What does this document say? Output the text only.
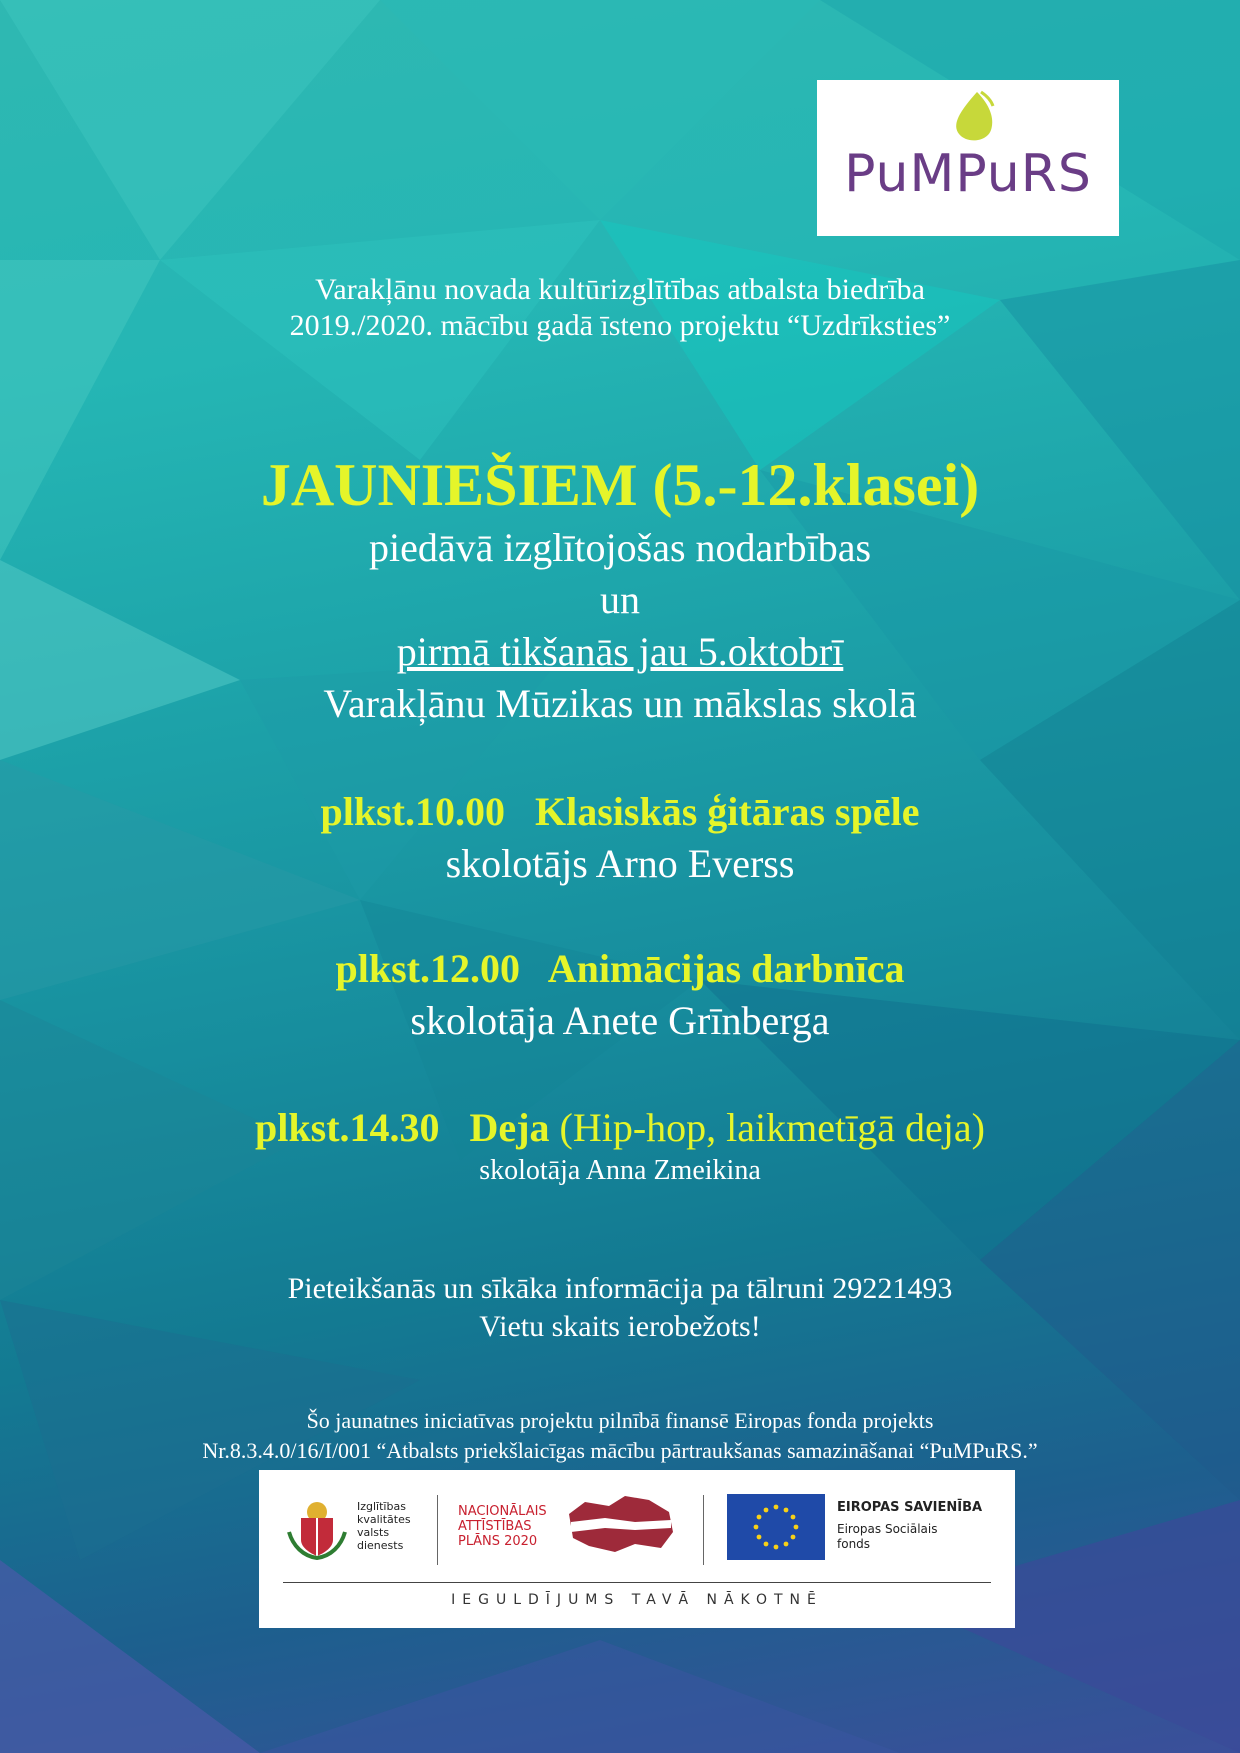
PuMPuRS
Varakļānu novada kultūrizglītības atbalsta biedrība
2019./2020. mācību gadā īsteno projektu “Uzdrīksties”
JAUNIEŠIEM (5.-12.klasei)
piedāvā izglītojošas nodarbības
un
pirmā tikšanās jau 5.oktobrī
Varakļānu Mūzikas un mākslas skolā
plkst.10.00 Klasiskās ģitāras spēle
skolotājs Arno Everss
plkst.12.00 Animācijas darbnīca
skolotāja Anete Grīnberga
plkst.14.30 Deja (Hip-hop, laikmetīgā deja)
skolotāja Anna Zmeikina
Pieteikšanās un sīkāka informācija pa tālruni 29221493
Vietu skaits ierobežots!
Šo jaunatnes iniciatīvas projektu pilnībā finansē Eiropas fonda projekts
Nr.8.3.4.0/16/I/001 “Atbalsts priekšlaicīgas mācību pārtraukšanas samazināšanai “PuMPuRS.”
Izglītības
kvalitātes
valsts
dienests
NACIONĀLAIS
ATTĪSTĪBAS
PLĀNS 2020
EIROPAS SAVIENĪBA
Eiropas Sociālais
fonds
IEGULDĪJUMS TAVĀ NĀKOTNĒ
